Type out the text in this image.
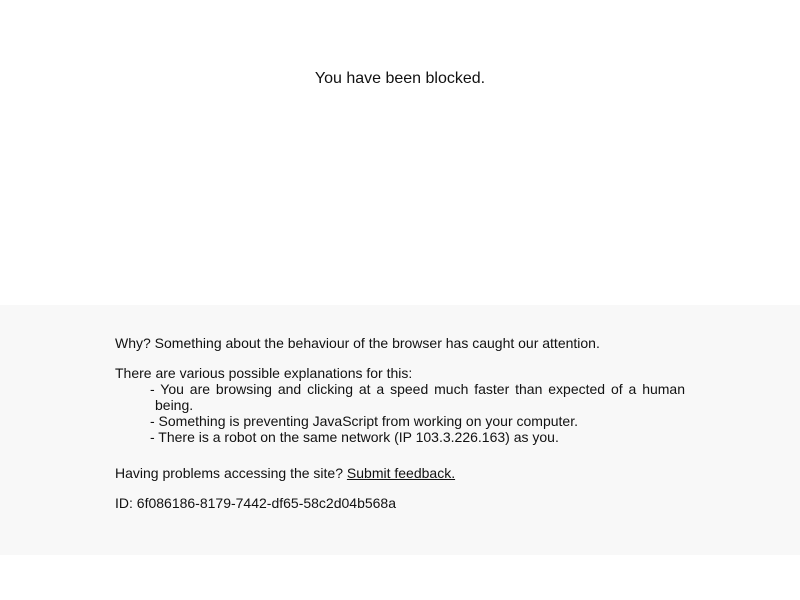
You have been blocked.
Why? Something about the behaviour of the browser has caught our attention.
There are various possible explanations for this:
- You are browsing and clicking at a speed much faster than expected of a human being.
- Something is preventing JavaScript from working on your computer.
- There is a robot on the same network (IP 103.3.226.163) as you.
Having problems accessing the site? Submit feedback.
ID: 6f086186-8179-7442-df65-58c2d04b568a
